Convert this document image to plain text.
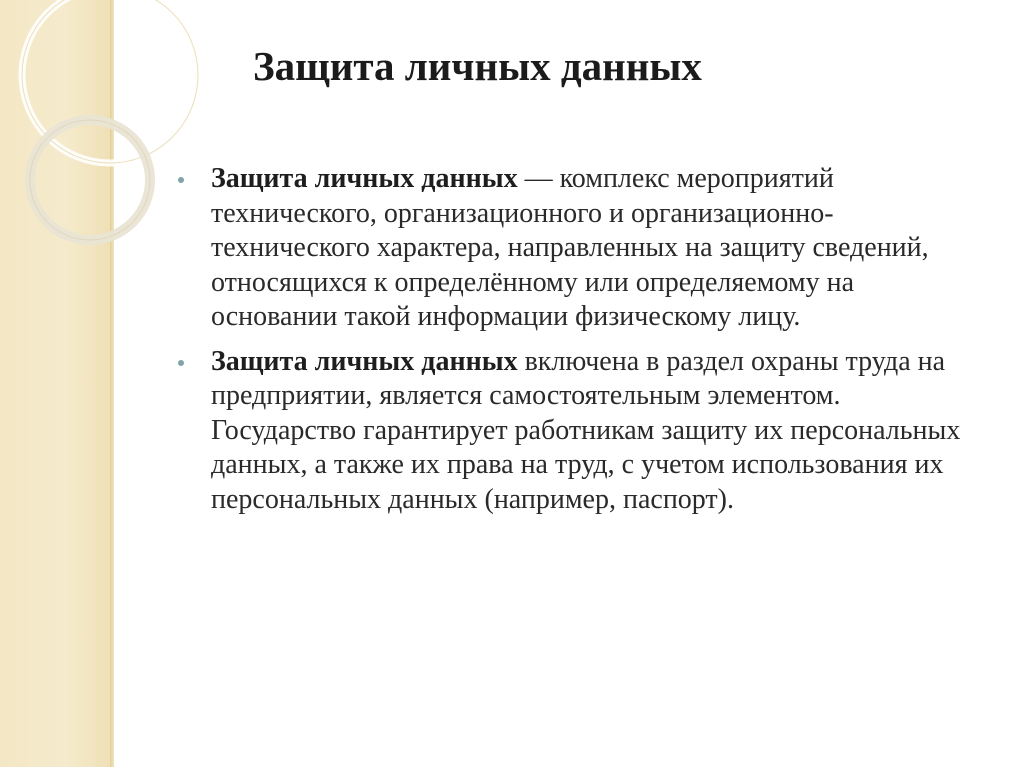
Защита личных данных
Защита личных данных — комплекс мероприятий технического, организационного и организационно-технического характера, направленных на защиту сведений, относящихся к определённому или определяемому на основании такой информации физическому лицу.
Защита личных данных включена в раздел охраны труда на предприятии, является самостоятельным элементом. Государство гарантирует работникам защиту их персональных данных, а также их права на труд, с учетом использования их персональных данных (например, паспорт).
